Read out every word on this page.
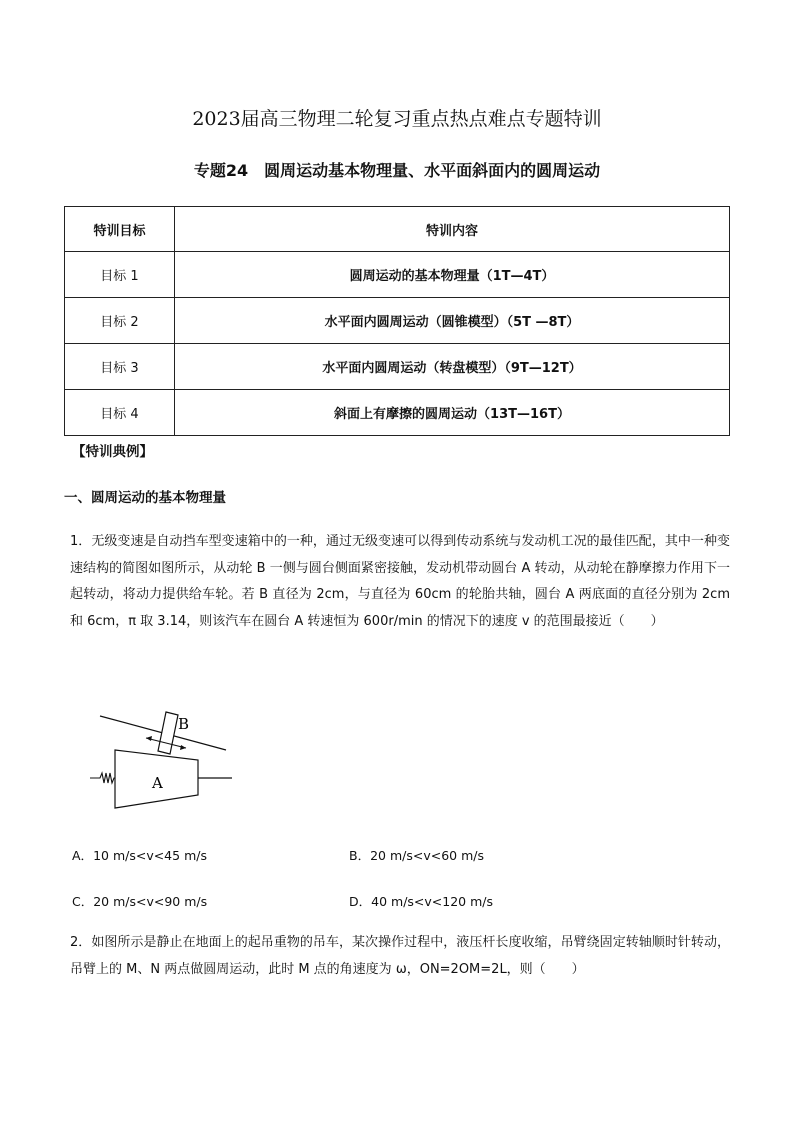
2023届高三物理二轮复习重点热点难点专题特训
专题24　圆周运动基本物理量、水平面斜面内的圆周运动
特训目标	特训内容
目标 1	圆周运动的基本物理量（1T—4T）
目标 2	水平面内圆周运动（圆锥模型）（5T —8T）
目标 3	水平面内圆周运动（转盘模型）（9T—12T）
目标 4	斜面上有摩擦的圆周运动（13T—16T）
【特训典例】
一、圆周运动的基本物理量
1．无级变速是自动挡车型变速箱中的一种，通过无级变速可以得到传动系统与发动机工况的最佳匹配，其中一种变速结构的简图如图所示，从动轮 B 一侧与圆台侧面紧密接触，发动机带动圆台 A 转动，从动轮在静摩擦力作用下一起转动，将动力提供给车轮。若 B 直径为 2cm，与直径为 60cm 的轮胎共轴，圆台 A 两底面的直径分别为 2cm 和 6cm，π 取 3.14，则该汽车在圆台 A 转速恒为 600r/min 的情况下的速度 v 的范围最接近（　　）
A
B
A．10 m/s<v<45 m/s	B．20 m/s<v<60 m/s
C．20 m/s<v<90 m/s	D．40 m/s<v<120 m/s
2．如图所示是静止在地面上的起吊重物的吊车，某次操作过程中，液压杆长度收缩，吊臂绕固定转轴顺时针转动，吊臂上的 M、N 两点做圆周运动，此时 M 点的角速度为 ω，ON=2OM=2L，则（　　）
